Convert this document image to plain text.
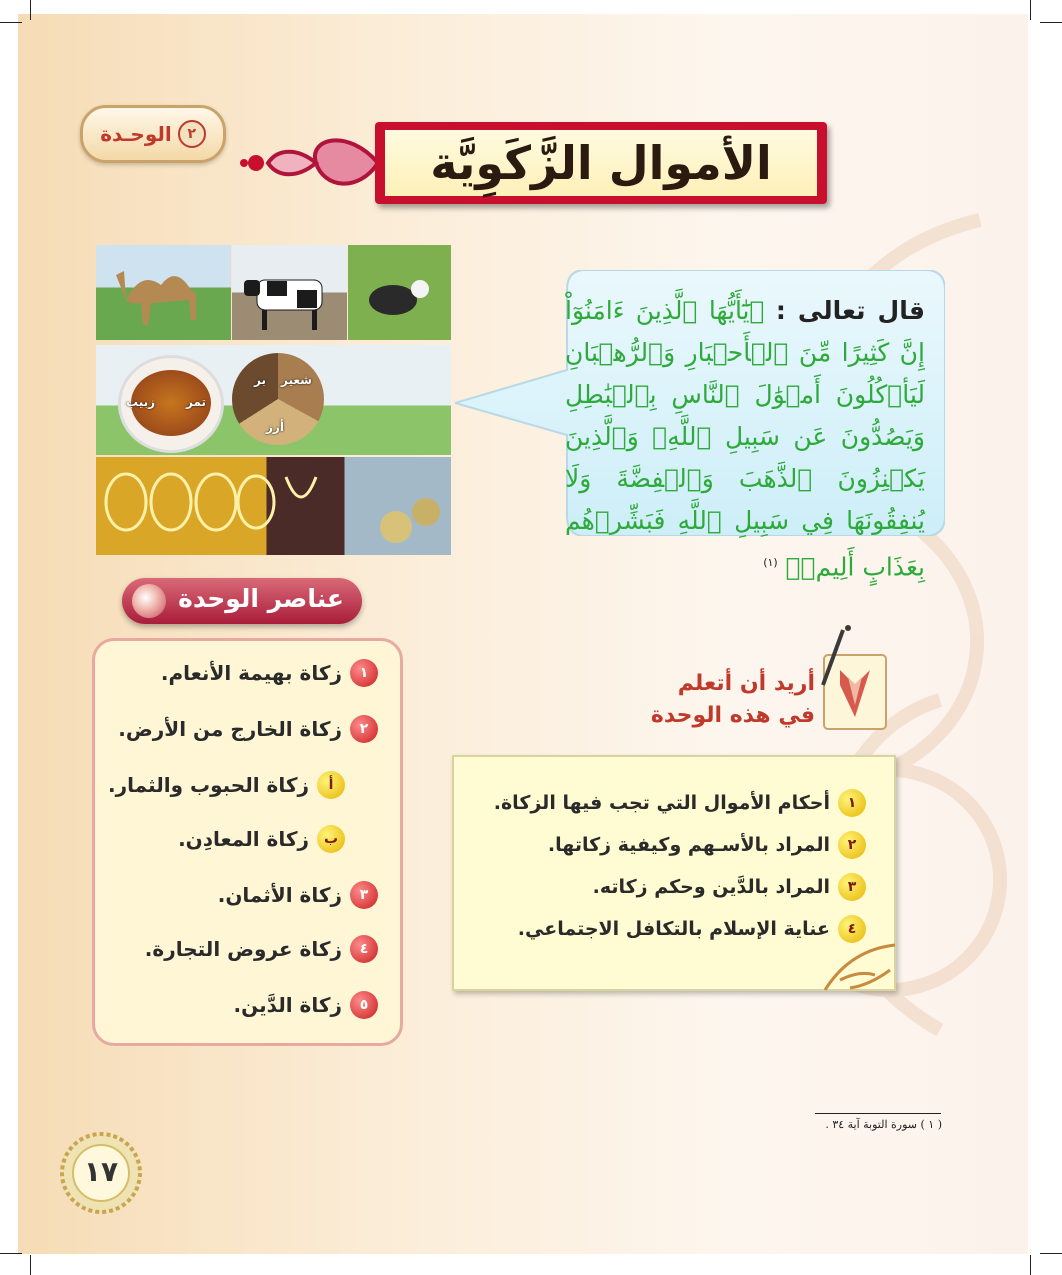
الوحـدة	٢
الأموال الزَّكَوِيَّة
تمر
زبيب
شعير
بر
أرز
قال تعالى : ﴿يَٰٓأَيُّهَا ٱلَّذِينَ ءَامَنُوٓاْ إِنَّ كَثِيرًا مِّنَ ٱلۡأَحۡبَارِ وَٱلرُّهۡبَانِ لَيَأۡكُلُونَ أَمۡوَٰلَ ٱلنَّاسِ بِٱلۡبَٰطِلِ وَيَصُدُّونَ عَن سَبِيلِ ٱللَّهِۗ وَٱلَّذِينَ يَكۡنِزُونَ ٱلذَّهَبَ وَٱلۡفِضَّةَ وَلَا يُنفِقُونَهَا فِي سَبِيلِ ٱللَّهِ فَبَشِّرۡهُم بِعَذَابٍ أَلِيمٖ﴾ $^{(١)}$
عناصر الوحدة
١
زكاة بهيمة الأنعام.
٢
زكاة الخارج من الأرض.
أ
زكاة الحبوب والثمار.
ب
زكاة المعادِن.
٣
زكاة الأثمان.
٤
زكاة عروض التجارة.
٥
زكاة الدَّين.
أريد أن أتعلم
في هذه الوحدة
١
أحكام الأموال التي تجب فيها الزكاة.
٢
المراد بالأسـهم وكيفية زكاتها.
٣
المراد بالدَّين وحكم زكاته.
٤
عناية الإسلام بالتكافل الاجتماعي.
( ١ ) سورة التوبة آية ٣٤ .
١٧
